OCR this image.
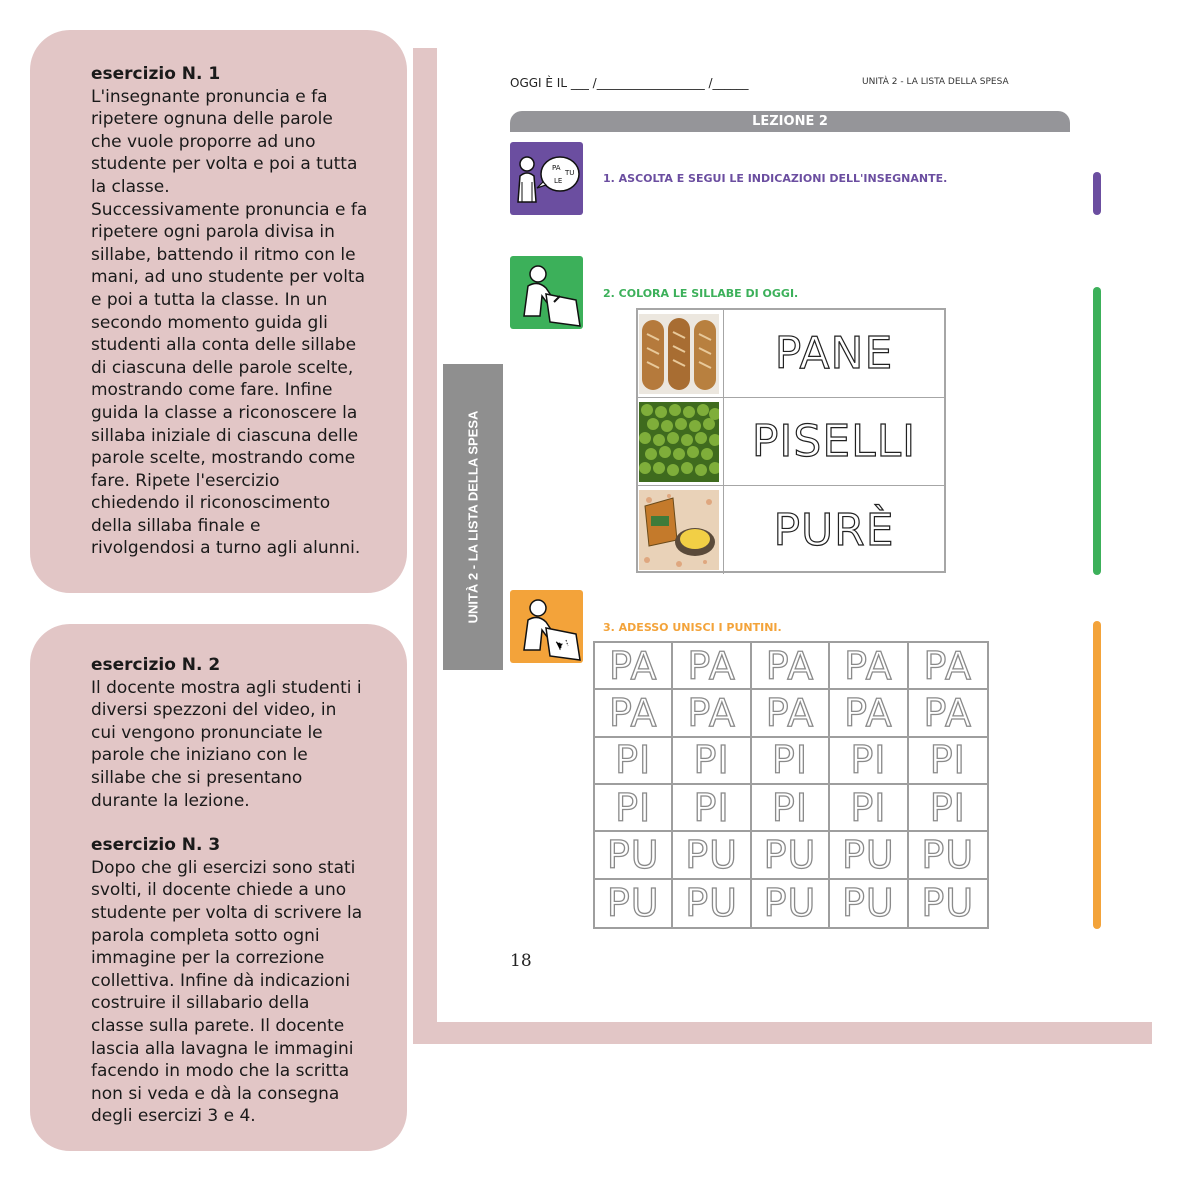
esercizio N. 1
L'insegnante pronuncia e fa
ripetere ognuna delle parole
che vuole proporre ad uno
studente per volta e poi a tutta
la classe.
Successivamente pronuncia e fa
ripetere ogni parola divisa in
sillabe, battendo il ritmo con le
mani, ad uno studente per volta
e poi a tutta la classe. In un
secondo momento guida gli
studenti alla conta delle sillabe
di ciascuna delle parole scelte,
mostrando come fare. Infine
guida la classe a riconoscere la
sillaba iniziale di ciascuna delle
parole scelte, mostrando come
fare. Ripete l'esercizio
chiedendo il riconoscimento
della sillaba finale e
rivolgendosi a turno agli alunni.
esercizio N. 2
Il docente mostra agli studenti i
diversi spezzoni del video, in
cui vengono pronunciate le
parole che iniziano con le
sillabe che si presentano
durante la lezione.
esercizio N. 3
Dopo che gli esercizi sono stati
svolti, il docente chiede a uno
studente per volta di scrivere la
parola completa sotto ogni
immagine per la correzione
collettiva. Infine dà indicazioni
costruire il sillabario della
classe sulla parete. Il docente
lascia alla lavagna le immagini
facendo in modo che la scritta
non si veda e dà la consegna
degli esercizi 3 e 4.
UNITÀ 2 - LA LISTA DELLA SPESA
OGGI È IL ___ /__________________ /______	UNITÀ 2 - LA LISTA DELLA SPESA
LEZIONE 2
PA
TU
LE	1. ASCOLTA E SEGUI LE INDICAZIONI DELL'INSEGNANTE.
2. COLORA LE SILLABE DI OGGI.
PANE
PISELLI
PURÈ
3. ADESSO UNISCI I PUNTINI.
PA PA PA PA PA
PA PA PA PA PA
PI	PI	PI	PI	PI
PI	PI	PI	PI	PI
PU PU PU PU PU
PU PU PU PU PU
18
